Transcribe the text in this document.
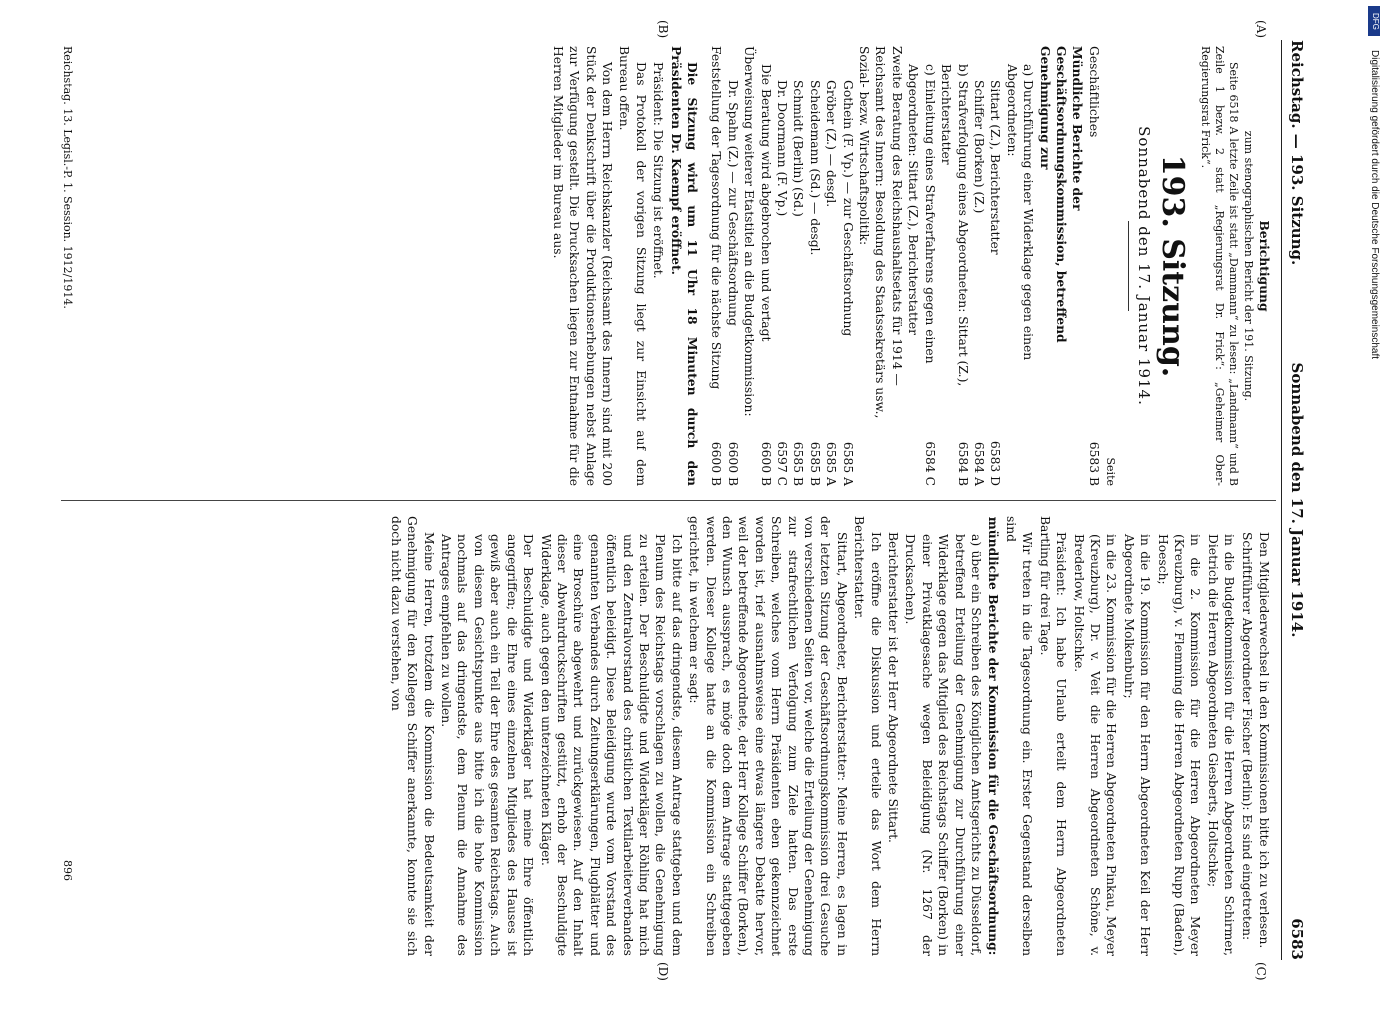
Reichstag. — 193. Sitzung.
Sonnabend den 17. Januar 1914.
6583
(A)
(B)
(C)
(D)

Berichtigung

zum stenographischen Bericht der 191. Sitzung.

Seite 6518 A letzte Zeile ist statt „Dammann“ zu lesen: „Landmann“ und B Zeile 1 bezw. 2 statt „Regierungsrat Dr. Frick“: „Geheimer Ober-Regierungsrat Frick“.

193. Sitzung.
Sonnabend den 17. Januar 1914.
Seite
Geschäftliches
6583 B
Mündliche Berichte der Geschäftsordnungskommission, betreffend Genehmigung zur
a) Durchführung einer Widerklage gegen einen Abgeordneten:
Sittart (Z.), Berichterstatter
6583 D
Schiffer (Borken) (Z.)
6584 A
b) Strafverfolgung eines Abgeordneten: Sittart (Z.), Berichterstatter
6584 B
c) Einleitung eines Strafverfahrens gegen einen Abgeordneten: Sittart (Z.), Berichterstatter
6584 C
Zweite Beratung des Reichshaushaltsetats für 1914 — Reichsamt des Innern: Besoldung des Staatssekretärs usw., Sozial- bezw. Wirtschaftspolitik:
Gothein (F. Vp.) — zur Geschäftsordnung
6585 A
Gröber (Z.) — desgl.
6585 A
Scheidemann (Sd.) — desgl.
6585 B
Schmidt (Berlin) (Sd.)
6585 B
Dr. Doormann (F. Vp.)
6597 C
Die Beratung wird abgebrochen und vertagt
6600 B
Überweisung weiterer Etatstitel an die Budgetkommission:
Dr. Spahn (Z.) — zur Geschäftsordnung
6600 B
Feststellung der Tagesordnung für die nächste Sitzung
6600 B

Die Sitzung wird um 11 Uhr 18 Minuten durch den Präsidenten Dr. Kaempf eröffnet.

Präsident: Die Sitzung ist eröffnet.

Das Protokoll der vorigen Sitzung liegt zur Einsicht auf dem Bureau offen.

Von dem Herrn Reichskanzler (Reichsamt des Innern) sind mit 200 Stück der Denkschrift über die Produktionserhebungen nebst Anlage zur Verfügung gestellt. Die Drucksachen liegen zur Entnahme für die Herren Mitglieder im Bureau aus.

Den Mitgliederwechsel in den Kommissionen bitte ich zu verlesen.

Schriftführer Abgeordneter Fischer (Berlin): Es sind eingetreten:

in die Budgetkommission für die Herren Abgeordneten Schirmer, Dietrich die Herren Abgeordneten Giesberts, Holtschke;

in die 2. Kommission für die Herren Abgeordneten Meyer (Kreuzburg), v. Flemming die Herren Abgeordneten Rupp (Baden), Hoesch;

in die 19. Kommission für den Herrn Abgeordneten Keil der Herr Abgeordnete Molkenbuhr;

in die 23. Kommission für die Herren Abgeordneten Pinkau, Meyer (Kreuzburg), Dr. v. Veit die Herren Abgeordneten Schöne, v. Brederlow, Holtschke.

Präsident: Ich habe Urlaub erteilt dem Herrn Abgeordneten Bartling für drei Tage.

Wir treten in die Tagesordnung ein. Erster Gegenstand derselben sind

mündliche Berichte der Kommission für die Geschäftsordnung:

a) über ein Schreiben des Königlichen Amtsgerichts zu Düsseldorf, betreffend Erteilung der Genehmigung zur Durchführung einer Widerklage gegen das Mitglied des Reichstags Schiffer (Borken) in einer Privatklagesache wegen Beleidigung (Nr. 1267 der Drucksachen).

Berichterstatter ist der Herr Abgeordnete Sittart.

Ich eröffne die Diskussion und erteile das Wort dem Herrn Berichterstatter.

Sittart, Abgeordneter, Berichterstatter: Meine Herren, es lagen in der letzten Sitzung der Geschäftsordnungskommission drei Gesuche von verschiedenen Seiten vor, welche die Erteilung der Genehmigung zur strafrechtlichen Verfolgung zum Ziele hatten. Das erste Schreiben, welches vom Herrn Präsidenten eben gekennzeichnet worden ist, rief ausnahmsweise eine etwas längere Debatte hervor, weil der betreffende Abgeordnete, der Herr Kollege Schiffer (Borken), den Wunsch aussprach, es möge doch dem Antrage stattgegeben werden. Dieser Kollege hatte an die Kommission ein Schreiben gerichtet, in welchem er sagt:

Ich bitte auf das dringendste, diesem Antrage stattgeben und dem Plenum des Reichstags vorschlagen zu wollen, die Genehmigung zu erteilen. Der Beschuldigte und Widerkläger Röhling hat mich und den Zentralvorstand des christlichen Textilarbeiterverbandes öffentlich beleidigt. Diese Beleidigung wurde vom Vorstand des genannten Verbandes durch Zeitungserklärungen, Flugblätter und eine Broschüre abgewehrt und zurückgewiesen. Auf den Inhalt dieser Abwehrdruckschriften gestützt, erhob der Beschuldigte Widerklage, auch gegen den unterzeichneten Kläger.

Der Beschuldigte und Widerkläger hat meine Ehre öffentlich angegriffen; die Ehre eines einzelnen Mitgliedes des Hauses ist gewiß aber auch ein Teil der Ehre des gesamten Reichstags. Auch von diesem Gesichtspunkte aus bitte ich die hohe Kommission nochmals auf das dringendste, dem Plenum die Annahme des Antrages empfehlen zu wollen.

Meine Herren, trotzdem die Kommission die Bedeutsamkeit der Genehmigung für den Kollegen Schiffer anerkannte, konnte sie sich doch nicht dazu verstehen, von

Reichstag. 13. Legisl.-P. 1. Session. 1912/1914.
896
DFG
Digitalisierung gefördert durch die Deutsche Forschungsgemeinschaft
